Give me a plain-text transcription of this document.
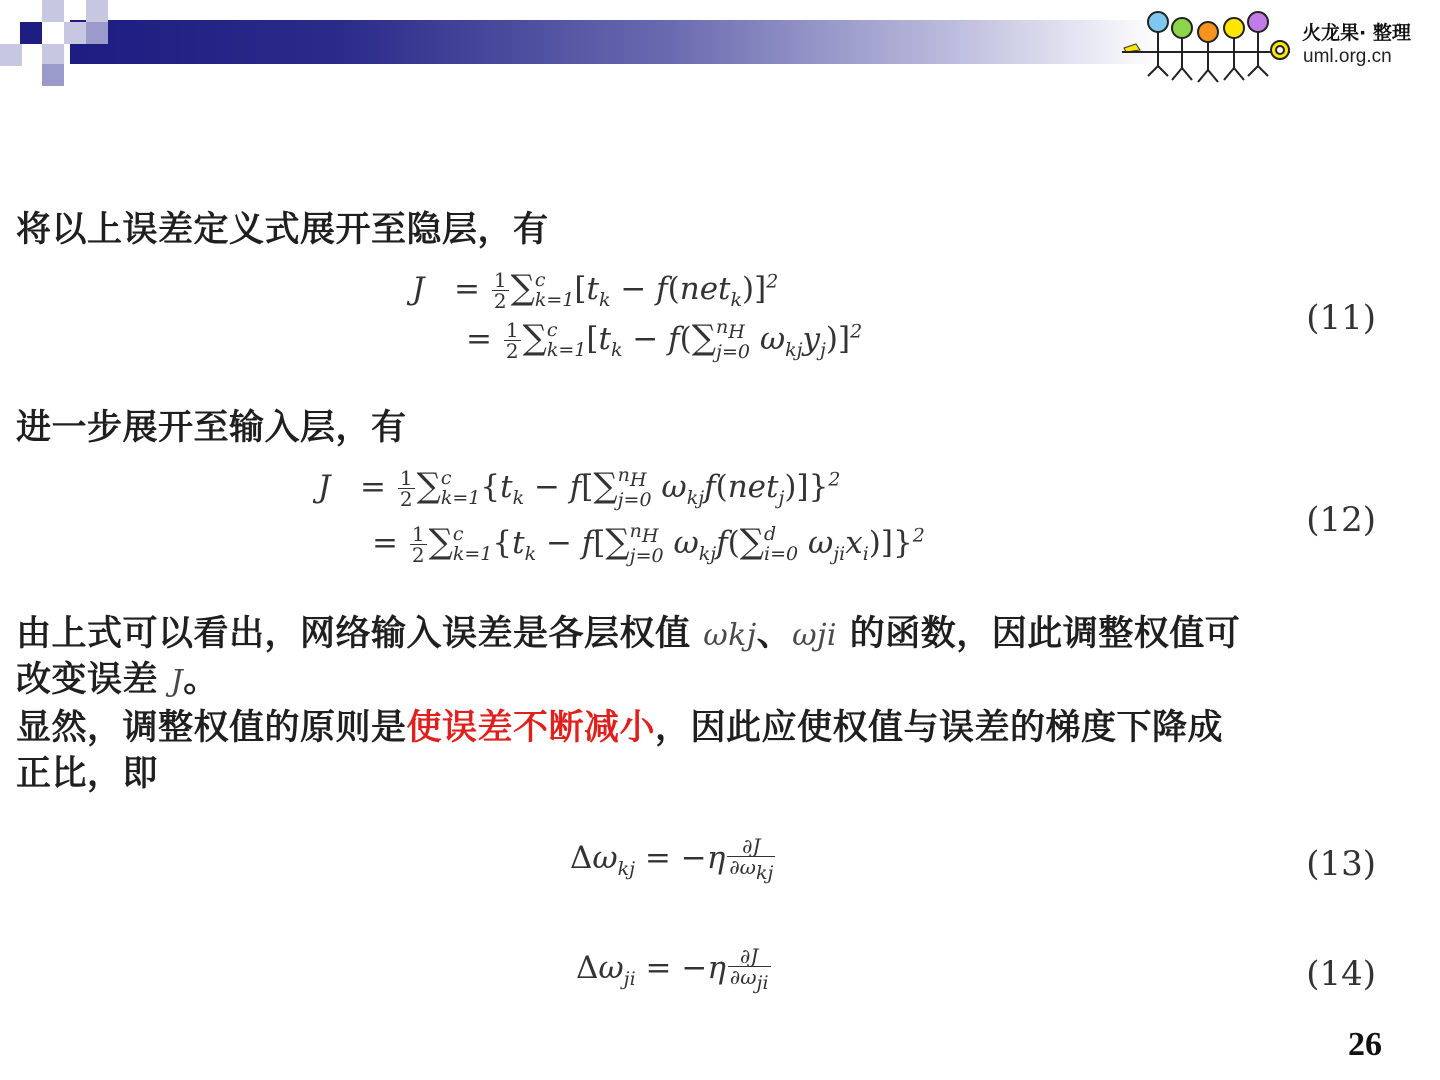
火龙果· 整理
uml.org.cn
将以上误差定义式展开至隐层，有
$J = \frac{1}{2}$ ∑ c
k=1 $[t_k - f(net_k)]^2$
= $\frac{1}{2}$ ∑ c
k=1 [$t_k - f(\sum$ $n_H$
j=0 $\omega_{kj}y_j)]^2$	(11)
进一步展开至输入层，有
$J = \frac{1}{2}$ ∑ c
k=1 {$t_k - f[\sum$ $n_H$
j=0 $\omega_{kj}f(net_j)]\}^2$
= $\frac{1}{2}$ ∑ c
k=1 {$t_k - f[\sum$ $n_H$
j=0 $\omega_{kj}f(\sum$ d
i=0 $\omega_{ji}x_i)]\}^2$	(12)
由上式可以看出，网络输入误差是各层权值 ωkj、ωji 的函数，因此调整权值可
改变误差 J。
显然，调整权值的原则是使误差不断减小，因此应使权值与误差的梯度下降成
正比，即
$\Delta\omega_{kj} = -\eta \frac{\partial J}{\partial\omega_{kj}}$	(13)
$\Delta\omega_{ji} = -\eta \frac{\partial J}{\partial\omega_{ji}}$	(14)
26
